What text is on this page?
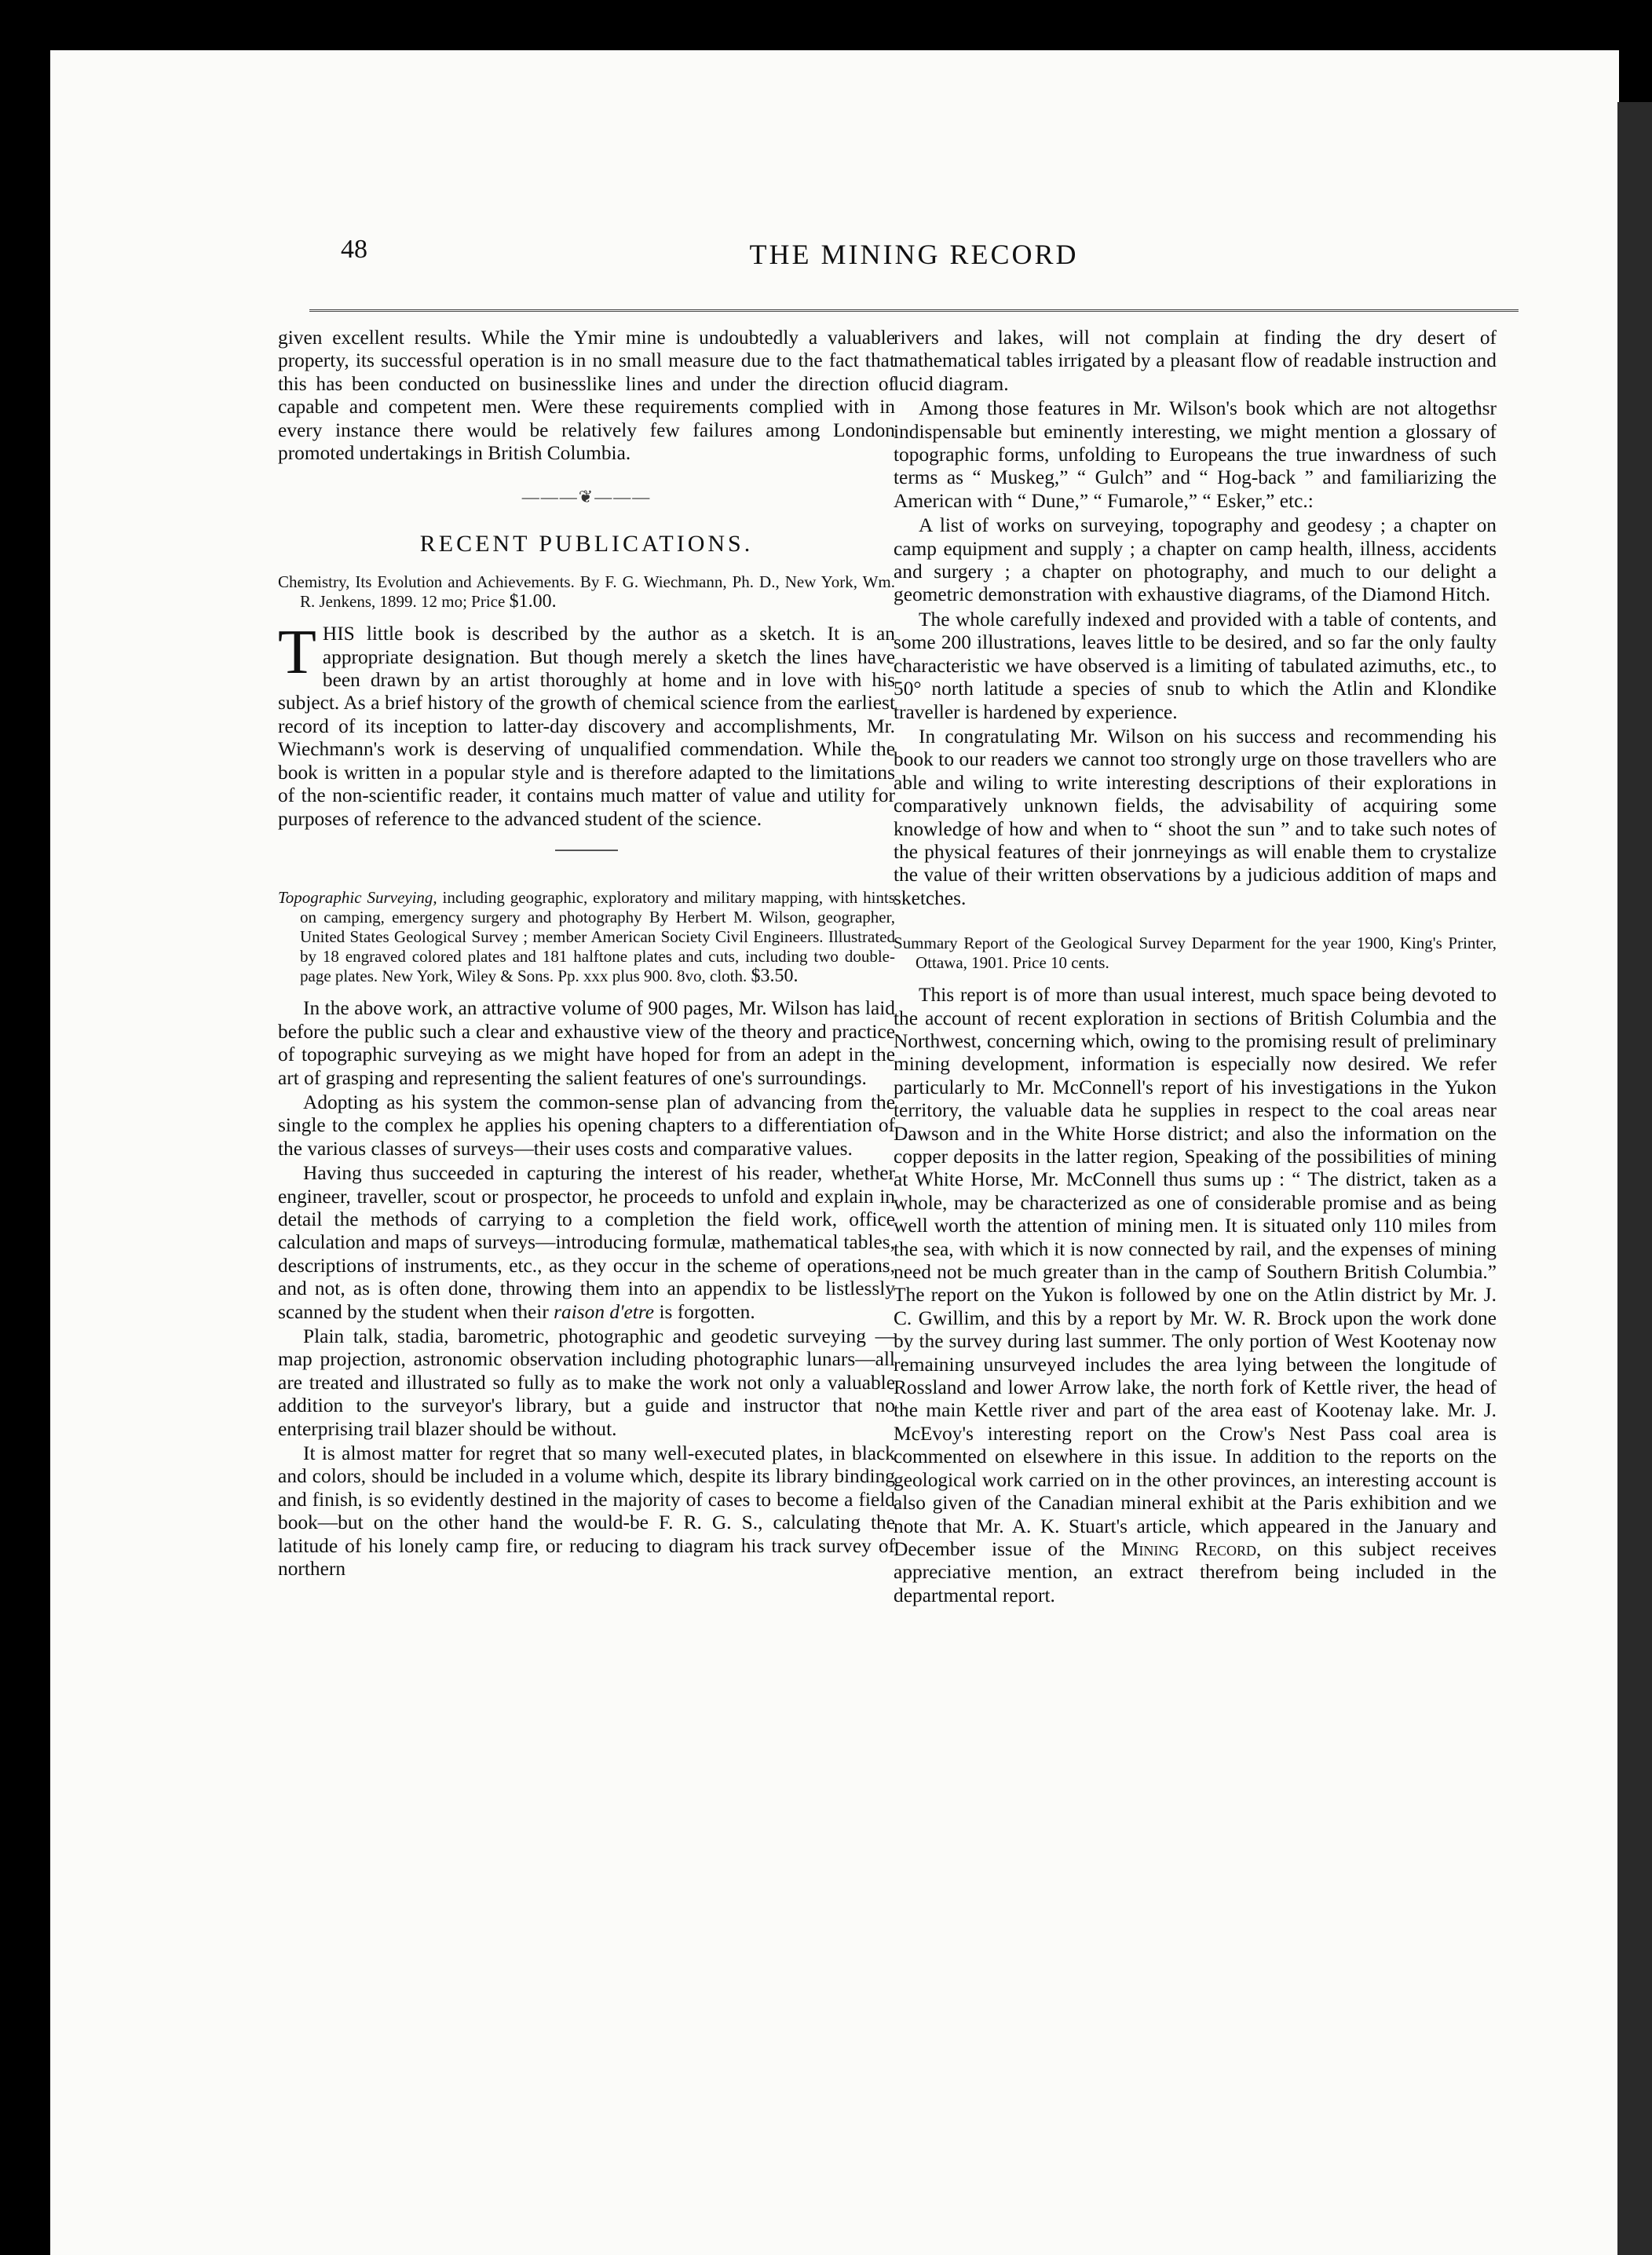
48	THE MINING RECORD

given excellent results. While the Ymir mine is undoubtedly a valuable property, its successful operation is in no small measure due to the fact that this has been conducted on businesslike lines and under the direction of capable and competent men. Were these requirements complied with in every instance there would be relatively few failures among London promoted undertakings in British Columbia.

———❦———
RECENT PUBLICATIONS.
Chemistry, Its Evolution and Achievements. By F. G. Wiechmann, Ph. D., New York, Wm. R. Jenkens, 1899. 12 mo; Price $1.00.

THIS little book is described by the author as a sketch. It is an appropriate designation. But though merely a sketch the lines have been drawn by an artist thoroughly at home and in love with his subject. As a brief history of the growth of chemical science from the earliest record of its inception to latter-day discovery and accomplishments, Mr. Wiechmann's work is deserving of unqualified commendation. While the book is written in a popular style and is therefore adapted to the limitations of the non-scientific reader, it contains much matter of value and utility for purposes of reference to the advanced student of the science.

Topographic Surveying, including geographic, exploratory and military mapping, with hints on camping, emergency surgery and photography By Herbert M. Wilson, geographer, United States Geological Survey ; member American Society Civil Engineers. Illustrated by 18 engraved colored plates and 181 halftone plates and cuts, including two double-page plates. New York, Wiley & Sons. Pp. xxx plus 900. 8vo, cloth. $3.50.

In the above work, an attractive volume of 900 pages, Mr. Wilson has laid before the public such a clear and exhaustive view of the theory and practice of topographic surveying as we might have hoped for from an adept in the art of grasping and representing the salient features of one's surroundings.

Adopting as his system the common-sense plan of advancing from the single to the complex he applies his opening chapters to a differentiation of the various classes of surveys—their uses costs and comparative values.

Having thus succeeded in capturing the interest of his reader, whether engineer, traveller, scout or prospector, he proceeds to unfold and explain in detail the methods of carrying to a completion the field work, office calculation and maps of surveys—introducing formulæ, mathematical tables, descriptions of instruments, etc., as they occur in the scheme of operations, and not, as is often done, throwing them into an appendix to be listlessly scanned by the student when their raison d'etre is forgotten.

Plain talk, stadia, barometric, photographic and geodetic surveying — map projection, astronomic observation including photographic lunars—all are treated and illustrated so fully as to make the work not only a valuable addition to the surveyor's library, but a guide and instructor that no enterprising trail blazer should be without.

It is almost matter for regret that so many well-executed plates, in black and colors, should be included in a volume which, despite its library binding and finish, is so evidently destined in the majority of cases to become a field book—but on the other hand the would-be F. R. G. S., calculating the latitude of his lonely camp fire, or reducing to diagram his track survey of northern

rivers and lakes, will not complain at finding the dry desert of mathematical tables irrigated by a pleasant flow of readable instruction and lucid diagram.

Among those features in Mr. Wilson's book which are not altogethsr indispensable but eminently interesting, we might mention a glossary of topographic forms, unfolding to Europeans the true inwardness of such terms as “ Muskeg,” “ Gulch” and “ Hog-back ” and familiarizing the American with “ Dune,” “ Fumarole,” “ Esker,” etc.:

A list of works on surveying, topography and geodesy ; a chapter on camp equipment and supply ; a chapter on camp health, illness, accidents and surgery ; a chapter on photography, and much to our delight a geometric demonstration with exhaustive diagrams, of the Diamond Hitch.

The whole carefully indexed and provided with a table of contents, and some 200 illustrations, leaves little to be desired, and so far the only faulty characteristic we have observed is a limiting of tabulated azimuths, etc., to 50° north latitude a species of snub to which the Atlin and Klondike traveller is hardened by experience.

In congratulating Mr. Wilson on his success and recommending his book to our readers we cannot too strongly urge on those travellers who are able and wiling to write interesting descriptions of their explorations in comparatively unknown fields, the advisability of acquiring some knowledge of how and when to “ shoot the sun ” and to take such notes of the physical features of their jonrneyings as will enable them to crystalize the value of their written observations by a judicious addition of maps and sketches.

Summary Report of the Geological Survey Deparment for the year 1900, King's Printer, Ottawa, 1901. Price 10 cents.

This report is of more than usual interest, much space being devoted to the account of recent exploration in sections of British Columbia and the Northwest, concerning which, owing to the promising result of preliminary mining development, information is especially now desired. We refer particularly to Mr. McConnell's report of his investigations in the Yukon territory, the valuable data he supplies in respect to the coal areas near Dawson and in the White Horse district; and also the information on the copper deposits in the latter region, Speaking of the possibilities of mining at White Horse, Mr. McConnell thus sums up : “ The district, taken as a whole, may be characterized as one of considerable promise and as being well worth the attention of mining men. It is situated only 110 miles from the sea, with which it is now connected by rail, and the expenses of mining need not be much greater than in the camp of Southern British Columbia.” The report on the Yukon is followed by one on the Atlin district by Mr. J. C. Gwillim, and this by a report by Mr. W. R. Brock upon the work done by the survey during last summer. The only portion of West Kootenay now remaining unsurveyed includes the area lying between the longitude of Rossland and lower Arrow lake, the north fork of Kettle river, the head of the main Kettle river and part of the area east of Kootenay lake. Mr. J. McEvoy's interesting report on the Crow's Nest Pass coal area is commented on elsewhere in this issue. In addition to the reports on the geological work carried on in the other provinces, an interesting account is also given of the Canadian mineral exhibit at the Paris exhibition and we note that Mr. A. K. Stuart's article, which appeared in the January and December issue of the Mining Record, on this subject receives appreciative mention, an extract therefrom being included in the departmental report.
